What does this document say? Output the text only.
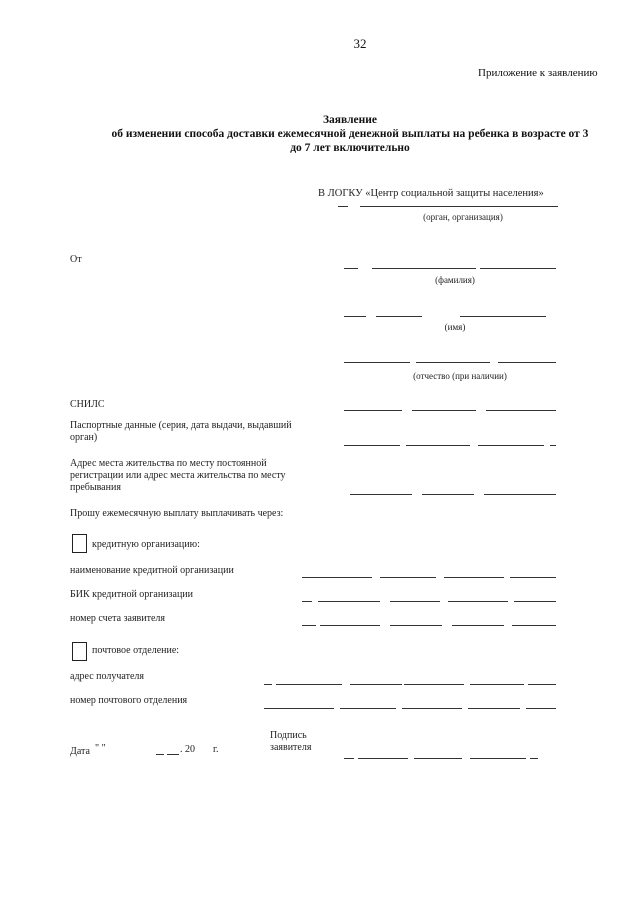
32
Приложение к заявлению
Заявление
об изменении способа доставки ежемесячной денежной выплаты на ребенка в возрасте от 3
до 7 лет включительно
В ЛОГКУ «Центр социальной защиты населения»
(орган, организация)
От
(фамилия)
(имя)
(отчество (при наличии)
СНИЛС
Паспортные данные (серия, дата выдачи, выдавший
орган)
Адрес места жительства по месту постоянной
регистрации или адрес места жительства по месту
пребывания
Прошу ежемесячную выплату выплачивать через:
кредитную организацию:
наименование кредитной организации
БИК кредитной организации
номер счета заявителя
почтовое отделение:
адрес получателя
номер почтового отделения
Дата " "	. 20 г.
Подпись
заявителя
